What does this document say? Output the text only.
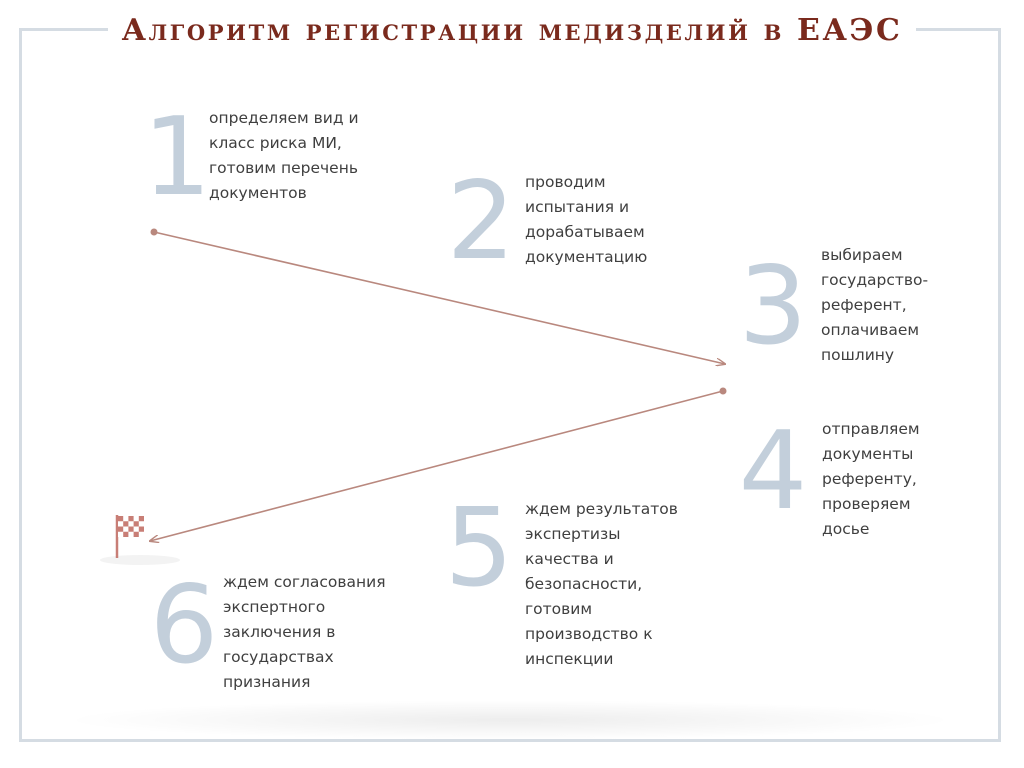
Алгоритм регистрации медизделий в ЕАЭС
1

определяем вид и
класс риска МИ,
готовим перечень
документов	2 проводим
испытания и
дорабатываем
документацию 3 выбираем
государство-
референт,
оплачиваем
пошлину

4 отправляем
документы
референту,
проверяем
досье

5 ждем результатов
экспертизы
качества и
безопасности,
готовим
производство к
инспекции

6 ждем согласования
экспертного
заключения в
государствах
признания
